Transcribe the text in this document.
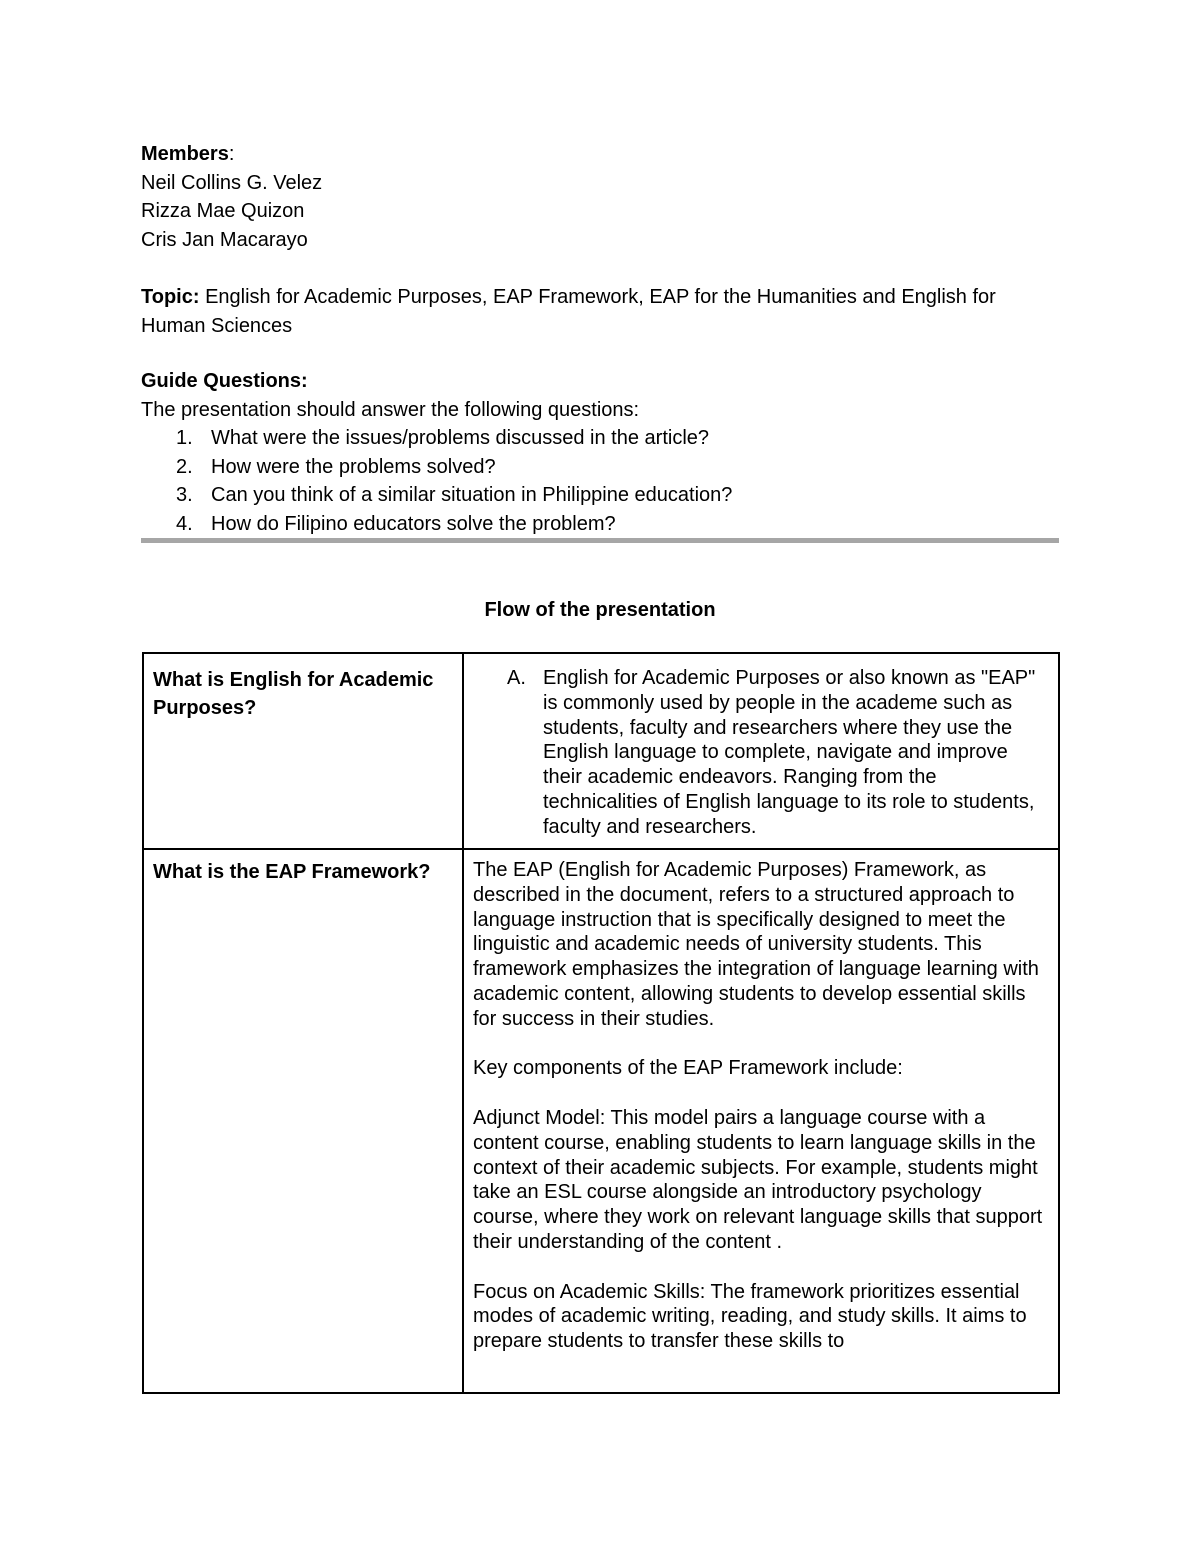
Members:

Neil Collins G. Velez

Rizza Mae Quizon

Cris Jan Macarayo

Topic: English for Academic Purposes, EAP Framework, EAP for the Humanities and English for Human Sciences

Guide Questions:

The presentation should answer the following questions:

1. What were the issues/problems discussed in the article?
2. How were the problems solved?
3. Can you think of a similar situation in Philippine education?
4. How do Filipino educators solve the problem?
Flow of the presentation
What is English for Academic Purposes?
A. English for Academic Purposes or also known as "EAP" is commonly used by people in the academe such as students, faculty and researchers where they use the English language to complete, navigate and improve their academic endeavors. Ranging from the technicalities of English language to its role to students, faculty and researchers.
What is the EAP Framework?	The EAP (English for Academic Purposes) Framework, as described in the document, refers to a structured approach to language instruction that is specifically designed to meet the linguistic and academic needs of university students. This framework emphasizes the integration of language learning with academic content, allowing students to develop essential skills for success in their studies.

Key components of the EAP Framework include:

Adjunct Model: This model pairs a language course with a content course, enabling students to learn language skills in the context of their academic subjects. For example, students might take an ESL course alongside an introductory psychology course, where they work on relevant language skills that support their understanding of the content .

Focus on Academic Skills: The framework prioritizes essential modes of academic writing, reading, and study skills. It aims to prepare students to transfer these skills to
